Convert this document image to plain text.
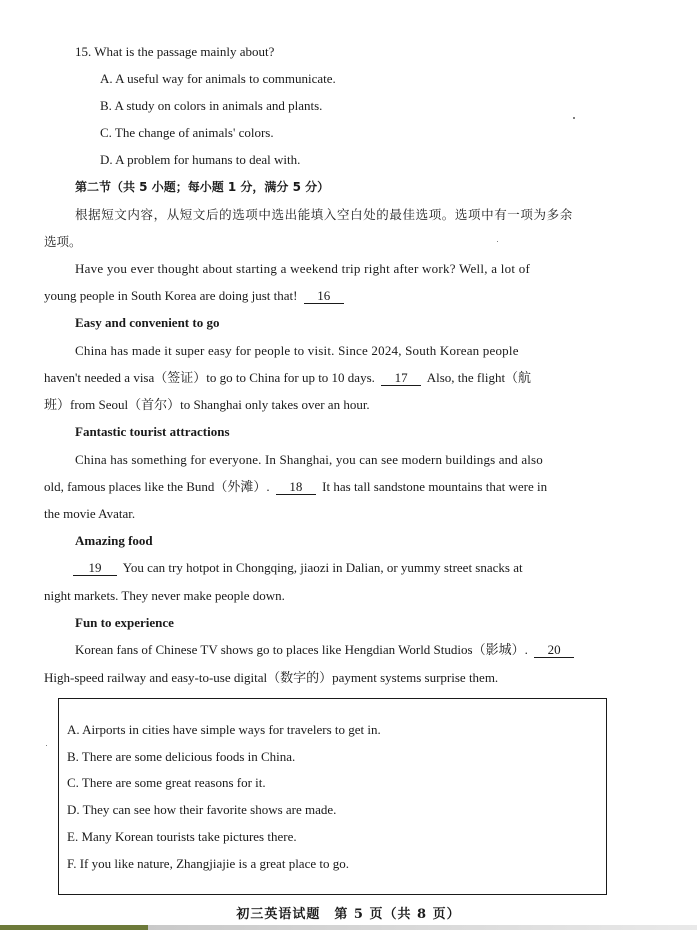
15. What is the passage mainly about?
A. A useful way for animals to communicate.
B. A study on colors in animals and plants.
C. The change of animals' colors.
D. A problem for humans to deal with.
第二节（共 5 小题；每小题 1 分，满分 5 分）
根据短文内容，从短文后的选项中选出能填入空白处的最佳选项。选项中有一项为多余
选项。
Have you ever thought about starting a weekend trip right after work? Well, a lot of
young people in South Korea are doing just that! 16
Easy and convenient to go
China has made it super easy for people to visit. Since 2024, South Korean people
haven't needed a visa（签证）to go to China for up to 10 days. 17 Also, the flight（航
班）from Seoul（首尔）to Shanghai only takes over an hour.
Fantastic tourist attractions
China has something for everyone. In Shanghai, you can see modern buildings and also
old, famous places like the Bund（外滩）. 18 It has tall sandstone mountains that were in
the movie Avatar.
Amazing food
19 You can try hotpot in Chongqing, jiaozi in Dalian, or yummy street snacks at
night markets. They never make people down.
Fun to experience
Korean fans of Chinese TV shows go to places like Hengdian World Studios（影城）. 20
High-speed railway and easy-to-use digital（数字的）payment systems surprise them.
A. Airports in cities have simple ways for travelers to get in.
B. There are some delicious foods in China.
C. There are some great reasons for it.
D. They can see how their favorite shows are made.
E. Many Korean tourists take pictures there.
F. If you like nature, Zhangjiajie is a great place to go.
初三英语试题　第 5 页（共 8 页）
